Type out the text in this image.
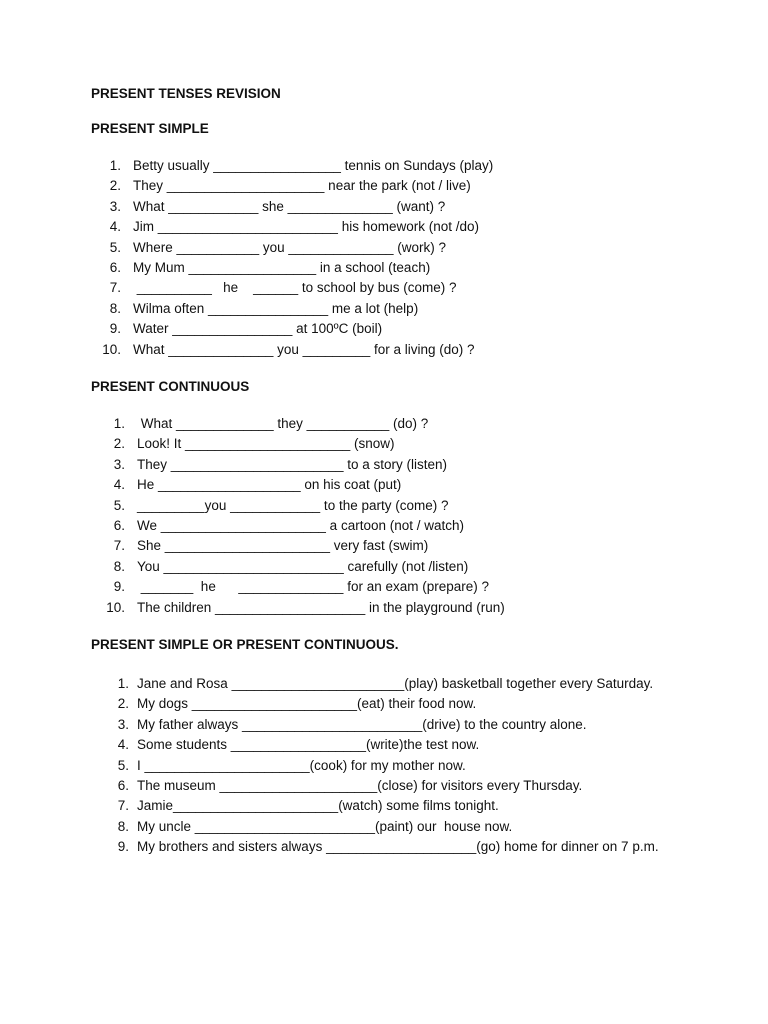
PRESENT TENSES REVISION
PRESENT SIMPLE
1. Betty usually _________________ tennis on Sundays (play)
2. They _____________________ near the park (not / live)
3. What ____________ she ______________ (want) ?
4. Jim ________________________ his homework (not /do)
5. Where ___________ you ______________ (work) ?
6. My Mum _________________ in a school (teach)
7. __________   he    ______ to school by bus (come) ?
8. Wilma often ________________ me a lot (help)
9. Water ________________ at 100ºC (boil)
10. What ______________ you _________ for a living (do) ?
PRESENT CONTINUOUS
1. What _____________ they ___________ (do) ?
2. Look! It ______________________ (snow)
3. They _______________________ to a story (listen)
4. He ___________________ on his coat (put)
5. _________you ____________ to the party (come) ?
6. We ______________________ a cartoon (not / watch)
7. She ______________________ very fast (swim)
8. You ________________________ carefully (not /listen)
9. _______  he      ______________ for an exam (prepare) ?
10. The children ____________________ in the playground (run)
PRESENT SIMPLE OR PRESENT CONTINUOUS.
1. Jane and Rosa _______________________(play) basketball together every Saturday.
2. My dogs ______________________(eat) their food now.
3. My father always ________________________(drive) to the country alone.
4. Some students __________________(write)the test now.
5. I ______________________(cook) for my mother now.
6. The museum _____________________(close) for visitors every Thursday.
7. Jamie______________________(watch) some films tonight.
8. My uncle ________________________(paint) our  house now.
9. My brothers and sisters always ____________________(go) home for dinner on 7 p.m.
